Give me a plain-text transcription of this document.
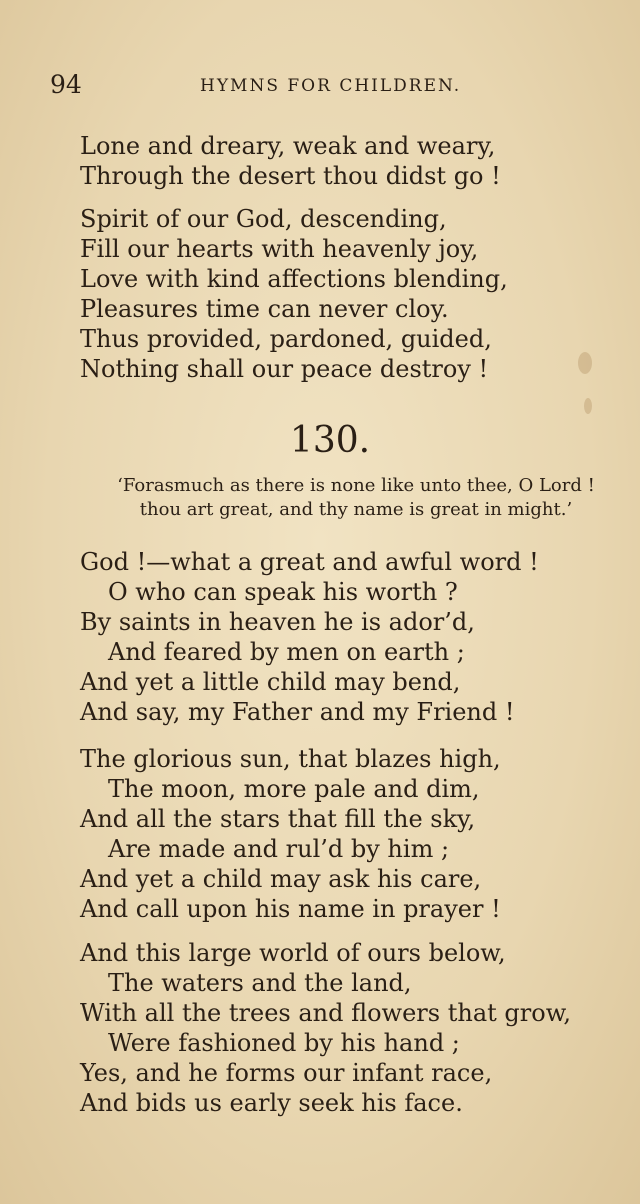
94	HYMNS FOR CHILDREN.
Lone and dreary, weak and weary,
Through the desert thou didst go !
Spirit of our God, descending,
Fill our hearts with heavenly joy,
Love with kind affections blending,
Pleasures time can never cloy.
Thus provided, pardoned, guided,
Nothing shall our peace destroy !
130.
‘Forasmuch as there is none like unto thee, O Lord !
thou art great, and thy name is great in might.’
God !—what a great and awful word !
O who can speak his worth ?
By saints in heaven he is ador’d,
And feared by men on earth ;
And yet a little child may bend,
And say, my Father and my Friend !
The glorious sun, that blazes high,
The moon, more pale and dim,
And all the stars that fill the sky,
Are made and rul’d by him ;
And yet a child may ask his care,
And call upon his name in prayer !
And this large world of ours below,
The waters and the land,
With all the trees and flowers that grow,
Were fashioned by his hand ;
Yes, and he forms our infant race,
And bids us early seek his face.
